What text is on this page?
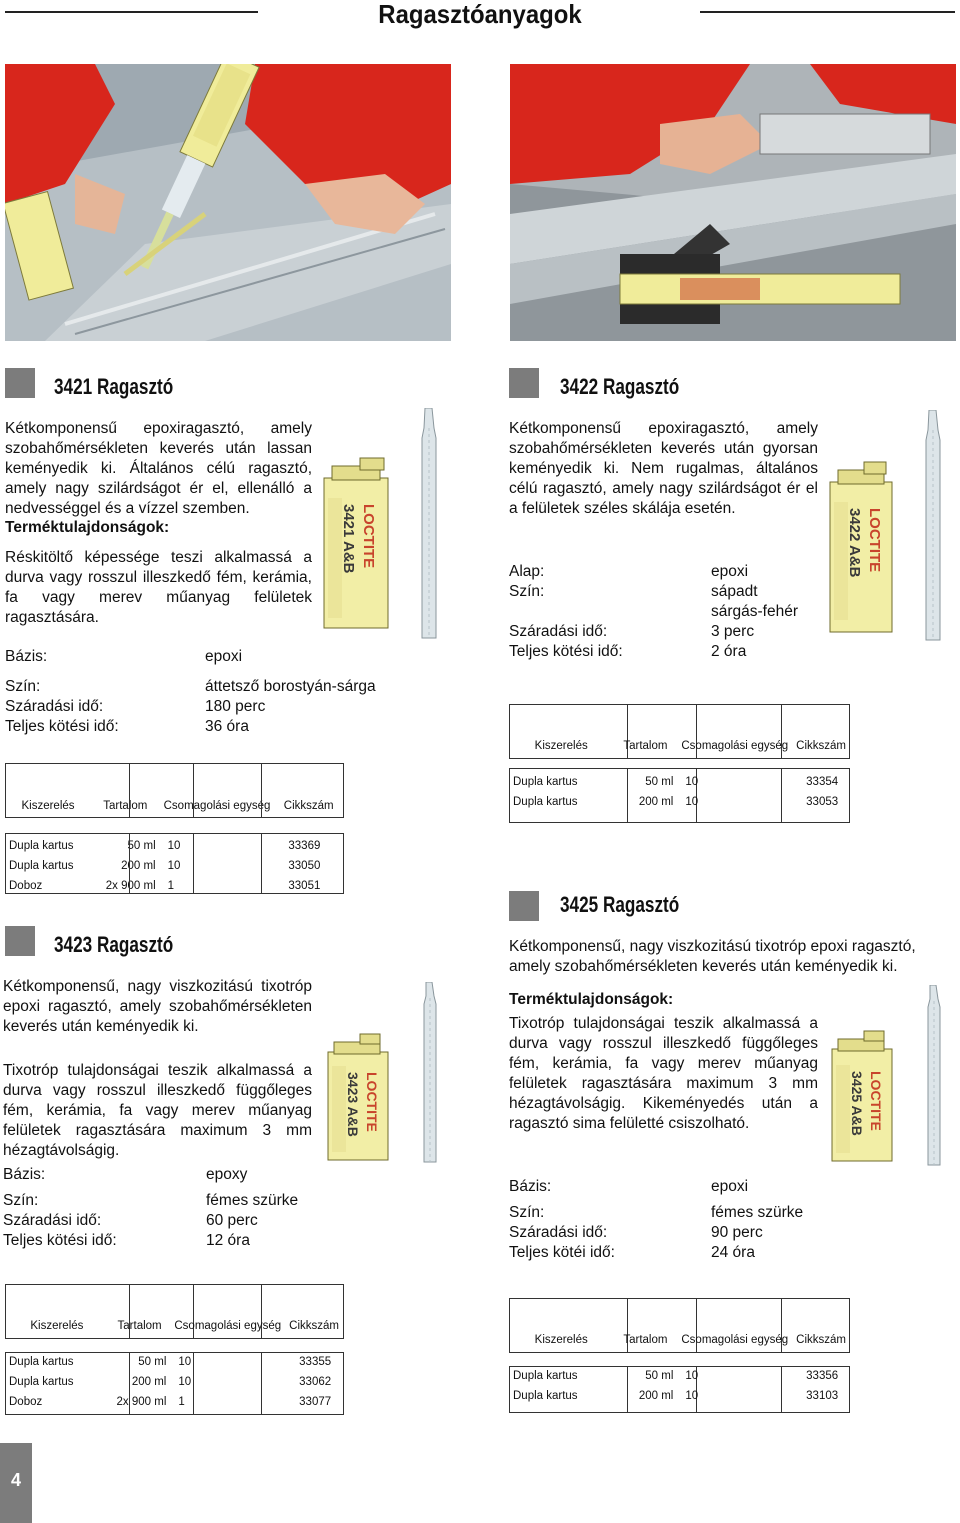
Ragasztóanyagok
3421 Ragasztó
Kétkomponensű epoxiragasztó, amely szobahőmérsékleten keverés után lassan keményedik ki. Általános célú ragasztó, amely nagy szilárdságot ér el, ellenálló a nedvességgel és a vízzel szemben.
Terméktulajdonságok:
Réskitöltő képessége teszi alkalmassá a durva vagy rosszul illeszkedő fém, kerámia, fa vagy merev műanyag felületek ragasztására.
Bázis:	epoxi
Szín:	áttetsző borostyán-sárga
Száradási idő:	180 perc
Teljes kötési idő:	36 óra
3421 A&B LOCTITE
Kiszerelés	Tartalom	Csomagolási egység	Cikkszám

Dupla kartus	50 ml	10	33369
Dupla kartus	200 ml	10	33050
Doboz	2x 900 ml	1	33051
3422 Ragasztó
Kétkomponensű epoxiragasztó, amely szobahőmérsékleten keverés után gyorsan keményedik ki. Nem rugalmas, általános célú ragasztó, amely nagy szilárdságot ér el a felületek széles skálája esetén.
Alap:	epoxi
Szín:	sápadt
sárgás-fehér
Száradási idő:	3 perc
Teljes kötési idő:	2 óra
3422 A&B LOCTITE
Kiszerelés	Tartalom	Csomagolási egység	Cikkszám

Dupla kartus	50 ml	10	33354
Dupla kartus	200 ml	10	33053
3423 Ragasztó
Kétkomponensű, nagy viszkozitású tixotróp epoxi ragasztó, amely szobahőmérsékleten keverés után keményedik ki.
Tixotróp tulajdonságai teszik alkalmassá a durva vagy rosszul illeszkedő függőleges fém, kerámia, fa vagy merev műanyag felületek ragasztására maximum 3 mm hézagtávolságig.
Bázis:	epoxy
Szín:	fémes szürke
Száradási idő:	60 perc
Teljes kötési idő:	12 óra
3423 A&B LOCTITE
Kiszerelés	Tartalom	Csomagolási egység	Cikkszám

Dupla kartus	50 ml	10	33355
Dupla kartus	200 ml	10	33062
Doboz	2x 900 ml	1	33077
3425 Ragasztó
Kétkomponensű, nagy viszkozitású tixotróp epoxi ragasztó, amely szobahőmérsékleten keverés után keményedik ki.
Terméktulajdonságok:
Tixotróp tulajdonságai teszik alkalmassá a durva vagy rosszul illeszkedő függőleges fém, kerámia, fa vagy merev műanyag felületek ragasztására maximum 3 mm hézagtávolságig. Kikeményedés után a ragasztó sima felületté csiszolható.
Bázis:	epoxi
Szín:	fémes szürke
Száradási idő:	90 perc
Teljes kötéi idő:	24 óra
3425 A&B LOCTITE
Kiszerelés	Tartalom	Csomagolási egység	Cikkszám

Dupla kartus	50 ml	10	33356
Dupla kartus	200 ml	10	33103
4
